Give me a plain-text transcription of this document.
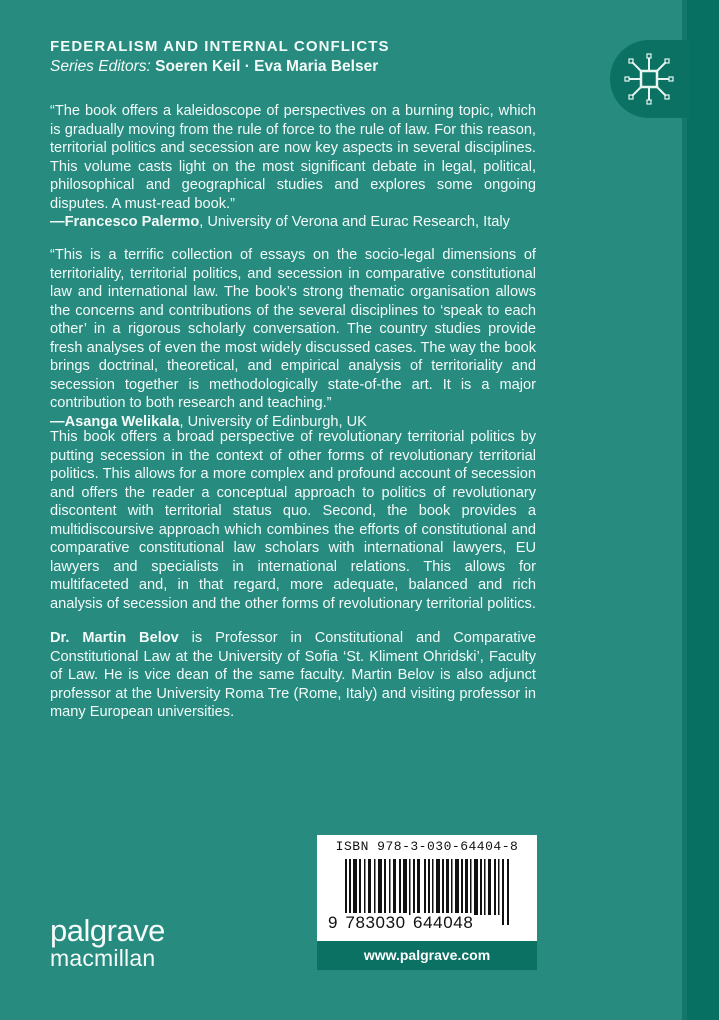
FEDERALISM AND INTERNAL CONFLICTS
Series Editors: Soeren Keil · Eva Maria Belser
“The book offers a kaleidoscope of perspectives on a burning topic, which is gradually moving from the rule of force to the rule of law. For this reason, territorial politics and secession are now key aspects in several disciplines. This volume casts light on the most significant debate in legal, political, philosophical and geographical studies and explores some ongoing disputes. A must-read book.”
—Francesco Palermo, University of Verona and Eurac Research, Italy
“This is a terrific collection of essays on the socio-legal dimensions of territoriality, territorial politics, and secession in comparative constitutional law and international law. The book’s strong thematic organisation allows the concerns and contributions of the several disciplines to ‘speak to each other’ in a rigorous scholarly conversation. The country studies provide fresh analyses of even the most widely discussed cases. The way the book brings doctrinal, theoretical, and empirical analysis of territoriality and secession together is methodologically state-of-the art. It is a major contribution to both research and teaching.”
—Asanga Welikala, University of Edinburgh, UK
This book offers a broad perspective of revolutionary territorial politics by putting secession in the context of other forms of revolutionary territorial politics. This allows for a more complex and profound account of secession and offers the reader a conceptual approach to politics of revolutionary discontent with territorial status quo. Second, the book provides a multidiscoursive approach which combines the efforts of constitutional and comparative constitutional law scholars with international lawyers, EU lawyers and specialists in international relations. This allows for multifaceted and, in that regard, more adequate, balanced and rich analysis of secession and the other forms of revolutionary territorial politics.
Dr. Martin Belov is Professor in Constitutional and Comparative Constitutional Law at the University of Sofia ‘St. Kliment Ohridski’, Faculty of Law. He is vice dean of the same faculty. Martin Belov is also adjunct professor at the University Roma Tre (Rome, Italy) and visiting professor in many European universities.
ISBN 978-3-030-64404-8
9 783030 644048
www.palgrave.com
palgrave
macmillan
